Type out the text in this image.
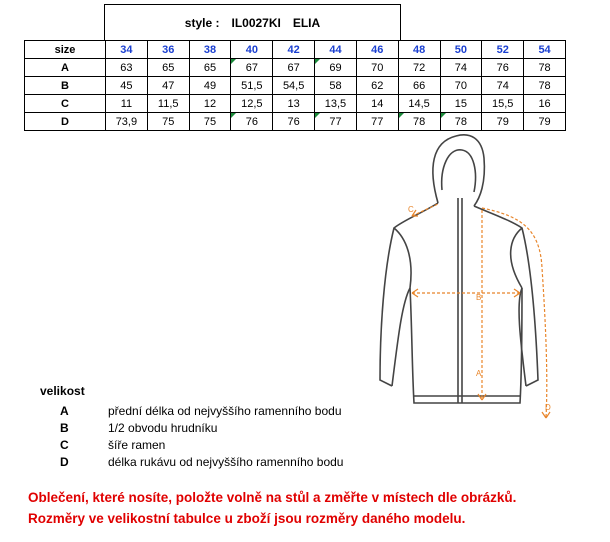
style : IL0027KI ELIA
size	34	36	38	40	42	44	46	48	50	52	54
A	63	65	65	67	67	69	70	72	74	76	78
B	45	47	49	51,5	54,5	58	62	66	70	74	78
C	11	11,5	12	12,5	13	13,5	14	14,5	15	15,5	16
D	73,9	75	75	76	76	77	77	78	78	79	79
C
B
A
D
velikost
A	přední délka od nejvyššího ramenního bodu
B	1/2 obvodu hrudníku
C	šíře ramen
D	délka rukávu od nejvyššího ramenního bodu
Oblečení, které nosíte, položte volně na stůl a změřte v místech dle obrázků.
Rozměry ve velikostní tabulce u zboží jsou rozměry daného modelu.
